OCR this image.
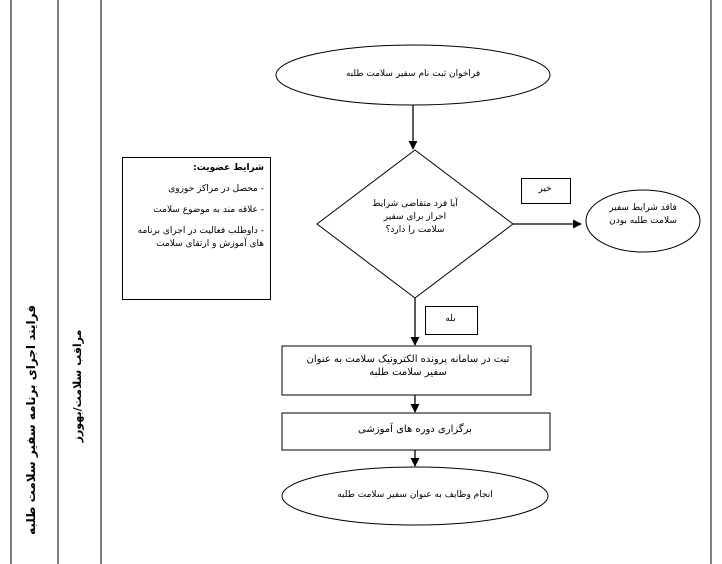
فرایند اجرای برنامه سفیر سلامت طلبه	مراقب سلامت/بهورز
فراخوان ثبت نام سفیر سلامت طلبه
آیا فرد متقاضی شرایط احراز برای سفیر سلامت را دارد؟
خیر
بله
فاقد شرایط سفیر سلامت طلبه بودن
ثبت در سامانه پرونده الکترونیک سلامت به عنوان سفیر سلامت طلبه
برگزاری دوره های آموزشی
انجام وظایف به عنوان سفیر سلامت طلبه
شرایط عضویت:
- محصل در مراکز حوزوی
- علاقه مند به موضوع سلامت
- داوطلب فعالیت در اجرای برنامه های آموزش و ارتقای سلامت
